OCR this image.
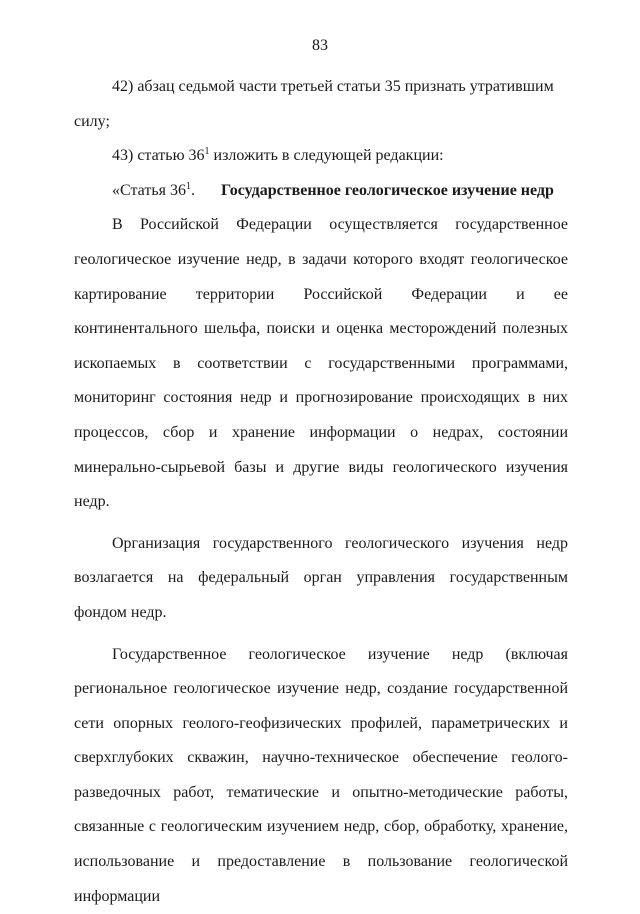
83

42) абзац седьмой части третьей статьи 35 признать утратившим силу;

43) статью $36^1$ изложить в следующей редакции:

«Статья $36^1$. Государственное геологическое изучение недр

В Российской Федерации осуществляется государственное геологическое изучение недр, в задачи которого входят геологическое картирование территории Российской Федерации и ее континентального шельфа, поиски и оценка месторождений полезных ископаемых в соответствии с государственными программами, мониторинг состояния недр и прогнозирование происходящих в них процессов, сбор и хранение информации о недрах, состоянии минерально-сырьевой базы и другие виды геологического изучения недр.

Организация государственного геологического изучения недр возлагается на федеральный орган управления государственным фондом недр.

Государственное геологическое изучение недр (включая региональное геологическое изучение недр, создание государственной сети опорных геолого-геофизических профилей, параметрических и сверхглубоких скважин, научно-техническое обеспечение геолого-разведочных работ, тематические и опытно-методические работы, связанные с геологическим изучением недр, сбор, обработку, хранение, использование и предоставление в пользование геологической информации
